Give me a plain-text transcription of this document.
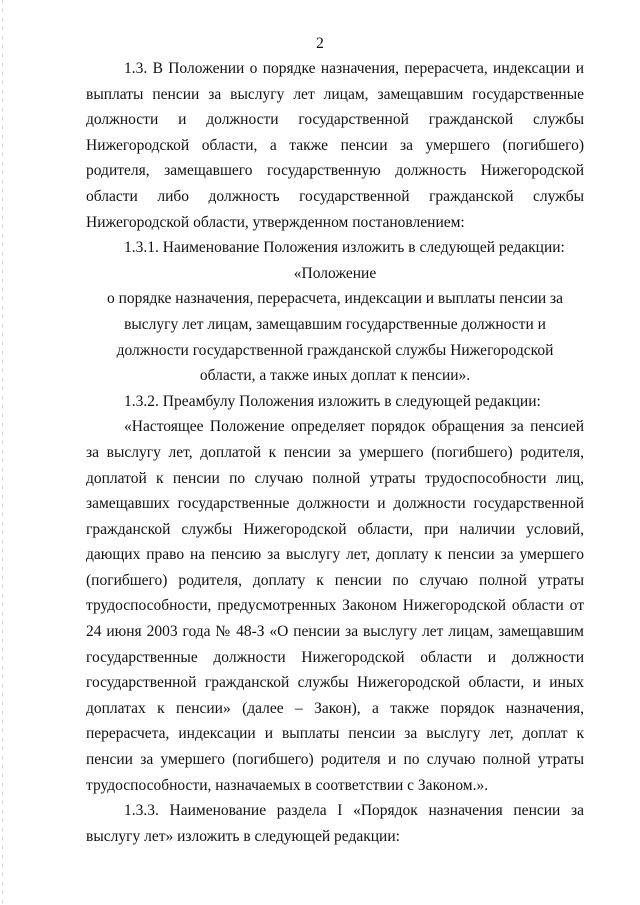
2

1.3. В Положении о порядке назначения, перерасчета, индексации и выплаты пенсии за выслугу лет лицам, замещавшим государственные должности и должности государственной гражданской службы Нижегородской области, а также пенсии за умершего (погибшего) родителя, замещавшего государственную должность Нижегородской области либо должность государственной гражданской службы Нижегородской области, утвержденном постановлением:

1.3.1. Наименование Положения изложить в следующей редакции:

«Положение

о порядке назначения, перерасчета, индексации и выплаты пенсии за выслугу лет лицам, замещавшим государственные должности и должности государственной гражданской службы Нижегородской области, а также иных доплат к пенсии».

1.3.2. Преамбулу Положения изложить в следующей редакции:

«Настоящее Положение определяет порядок обращения за пенсией за выслугу лет, доплатой к пенсии за умершего (погибшего) родителя, доплатой к пенсии по случаю полной утраты трудоспособности лиц, замещавших государственные должности и должности государственной гражданской службы Нижегородской области, при наличии условий, дающих право на пенсию за выслугу лет, доплату к пенсии за умершего (погибшего) родителя, доплату к пенсии по случаю полной утраты трудоспособности, предусмотренных Законом Нижегородской области от 24 июня 2003 года № 48-З «О пенсии за выслугу лет лицам, замещавшим государственные должности Нижегородской области и должности государственной гражданской службы Нижегородской области, и иных доплатах к пенсии» (далее – Закон), а также порядок назначения, перерасчета, индексации и выплаты пенсии за выслугу лет, доплат к пенсии за умершего (погибшего) родителя и по случаю полной утраты трудоспособности, назначаемых в соответствии с Законом.».

1.3.3. Наименование раздела I «Порядок назначения пенсии за выслугу лет» изложить в следующей редакции:
